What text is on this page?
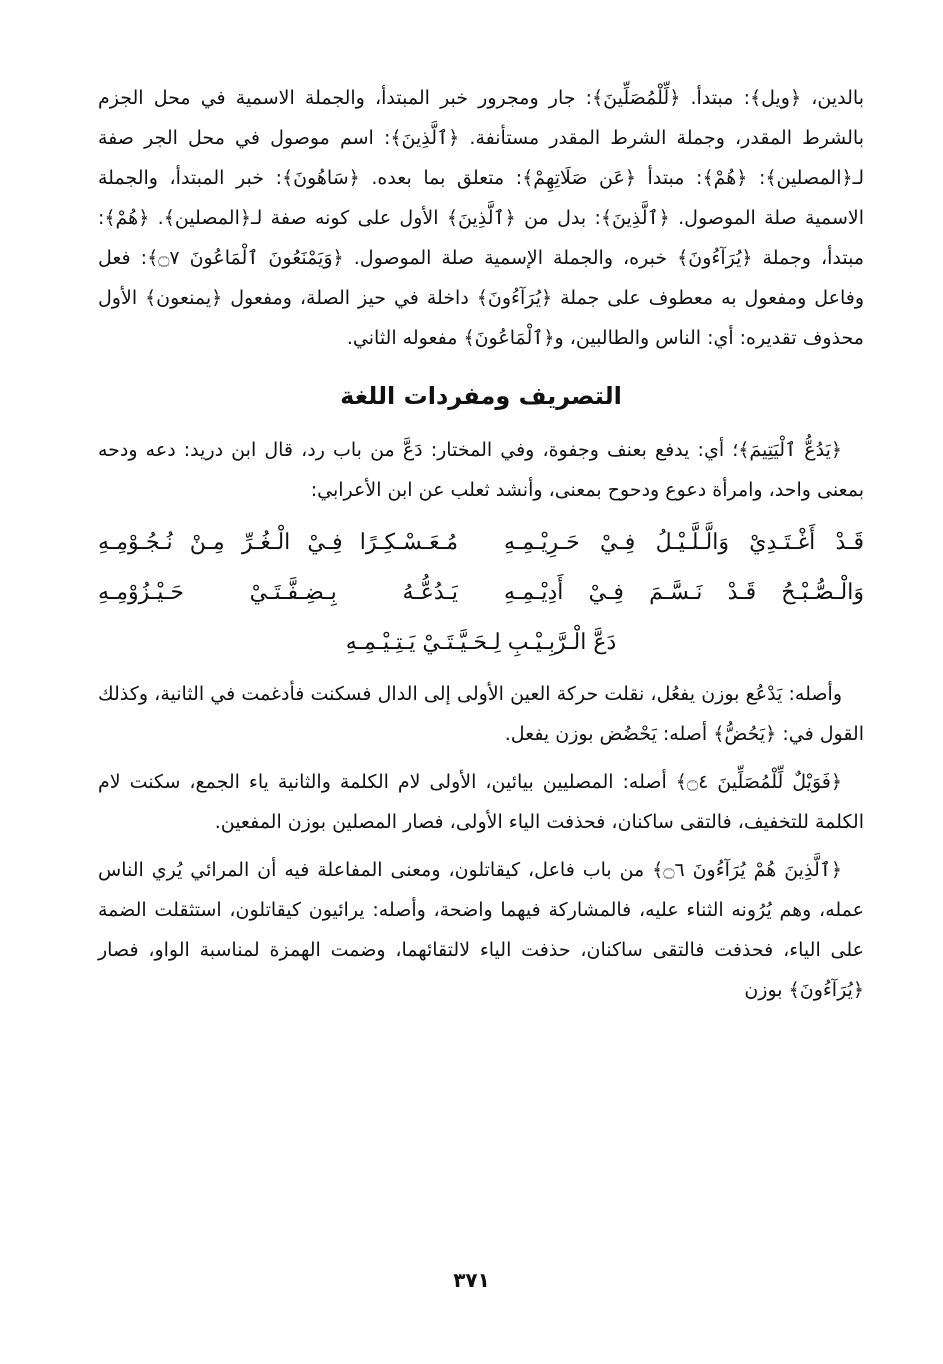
بالدين، ﴿ويل﴾: مبتدأ. ﴿لِّلْمُصَلِّينَ﴾: جار ومجرور خبر المبتدأ، والجملة الاسمية في محل الجزم بالشرط المقدر، وجملة الشرط المقدر مستأنفة. ﴿ٱلَّذِينَ﴾: اسم موصول في محل الجر صفة لـ﴿المصلين﴾: ﴿هُمْ﴾: مبتدأ ﴿عَن صَلَاتِهِمْ﴾: متعلق بما بعده. ﴿سَاهُونَ﴾: خبر المبتدأ، والجملة الاسمية صلة الموصول. ﴿ٱلَّذِينَ﴾: بدل من ﴿ٱلَّذِينَ﴾ الأول على كونه صفة لـ﴿المصلين﴾. ﴿هُمْ﴾: مبتدأ، وجملة ﴿يُرَآءُونَ﴾ خبره، والجملة الإسمية صلة الموصول. ﴿وَيَمْنَعُونَ ٱلْمَاعُونَ ۝٧﴾: فعل وفاعل ومفعول به معطوف على جملة ﴿يُرَآءُونَ﴾ داخلة في حيز الصلة، ومفعول ﴿يمنعون﴾ الأول محذوف تقديره: أي: الناس والطالبين، و﴿ٱلْمَاعُونَ﴾ مفعوله الثاني.

التصريف ومفردات اللغة

﴿يَدُعُّ ٱلْيَتِيمَ﴾؛ أي: يدفع بعنف وجفوة، وفي المختار: دَعَّ من باب رد، قال ابن دريد: دعه ودحه بمعنى واحد، وامرأة دعوع ودحوح بمعنى، وأنشد ثعلب عن ابن الأعرابي:

قَـدْ أَغْـتَـدِيْ وَالَّـلَّـيْـلُ فِـيْ حَـرِيْـمِـهِ
مُـعَـسْـكِـرًا فِـيْ الْـغُـرِّ مِـنْ نُـجُـوْمِـهِ
وَالْـصُّـبْـحُ قَـدْ نَـسَّـمَ فِـيْ أَدِيْـمِـهِ
يَـدُعُّـهُ بِـضِـفَّـتَـيْ حَـيْـزُوْمِـهِ
دَعَّ الْـرَّبِـيْـبِ لِـحَـيَّـتَـيْ يَـتِـيْـمِـهِ

وأصله: يَدْعُع بوزن يفعُل، نقلت حركة العين الأولى إلى الدال فسكنت فأدغمت في الثانية، وكذلك القول في: ﴿يَحُضُّ﴾ أصله: يَحْضُض بوزن يفعل.

﴿فَوَيْلٌ لِّلْمُصَلِّينَ ۝٤﴾ أصله: المصليين بيائين، الأولى لام الكلمة والثانية ياء الجمع، سكنت لام الكلمة للتخفيف، فالتقى ساكنان، فحذفت الياء الأولى، فصار المصلين بوزن المفعين.

﴿ٱلَّذِينَ هُمْ يُرَآءُونَ ۝٦﴾ من باب فاعل، كيقاتلون، ومعنى المفاعلة فيه أن المرائي يُري الناس عمله، وهم يُرُونه الثناء عليه، فالمشاركة فيهما واضحة، وأصله: يرائيون كيقاتلون، استثقلت الضمة على الياء، فحذفت فالتقى ساكنان، حذفت الياء لالتقائهما، وضمت الهمزة لمناسبة الواو، فصار ﴿يُرَآءُونَ﴾ بوزن

٣٧١
